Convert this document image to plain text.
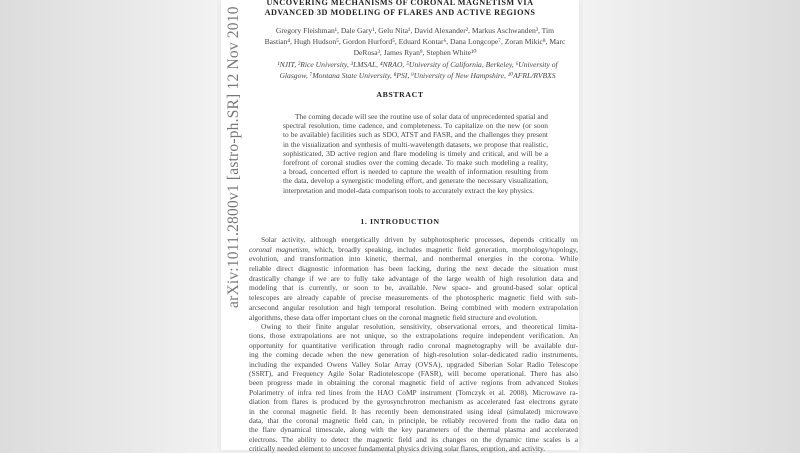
arXiv:1011.2800v1 [astro-ph.SR] 12 Nov 2010
UNCOVERING MECHANISMS OF CORONAL MAGNETISM VIA
ADVANCED 3D MODELING OF FLARES AND ACTIVE REGIONS
Gregory Fleishman¹, Dale Gary¹, Gelu Nita¹, David Alexander², Markus Aschwanden³, Tim
Bastian⁴, Hugh Hudson⁵, Gordon Hurford⁵, Eduard Kontar⁶, Dana Longcope⁷, Zoran Mikic⁸, Marc
DeRosa³, James Ryan⁹, Stephen White¹⁰
¹NJIT, ²Rice University, ³LMSAL, ⁴NRAO, ⁵University of California, Berkeley, ⁶University of
Glasgow, ⁷Montana State University, ⁸PSI, ⁹University of New Hampshire, ¹⁰AFRL/RVBXS
ABSTRACT
The coming decade will see the routine use of solar data of unprecedented spatial and
spectral resolution, time cadence, and completeness. To capitalize on the new (or soon
to be available) facilities such as SDO, ATST and FASR, and the challenges they present
in the visualization and synthesis of multi-wavelength datasets, we propose that realistic,
sophisticated, 3D active region and flare modeling is timely and critical, and will be a
forefront of coronal studies over the coming decade. To make such modeling a reality,
a broad, concerted effort is needed to capture the wealth of information resulting from
the data, develop a synergistic modeling effort, and generate the necessary visualization,
interpretation and model-data comparison tools to accurately extract the key physics.
1. INTRODUCTION
Solar activity, although energetically driven by subphotospheric processes, depends critically on
coronal magnetism, which, broadly speaking, includes magnetic field generation, morphology/topology,
evolution, and transformation into kinetic, thermal, and nonthermal energies in the corona. While
reliable direct diagnostic information has been lacking, during the next decade the situation must
drastically change if we are to fully take advantage of the large wealth of high resolution data and
modeling that is currently, or soon to be, available. New space- and ground-based solar optical
telescopes are already capable of precise measurements of the photospheric magnetic field with sub-
arcsecond angular resolution and high temporal resolution. Being combined with modern extrapolation
algorithms, these data offer important clues on the coronal magnetic field structure and evolution.
Owing to their finite angular resolution, sensitivity, observational errors, and theoretical limita-
tions, those extrapolations are not unique, so the extrapolations require independent verification. An
opportunity for quantitative verification through radio coronal magnetography will be available dur-
ing the coming decade when the new generation of high-resolution solar-dedicated radio instruments,
including the expanded Owens Valley Solar Array (OVSA), upgraded Siberian Solar Radio Telescope
(SSRT), and Frequency Agile Solar Radiotelescope (FASR), will become operational. There has also
been progress made in obtaining the coronal magnetic field of active regions from advanced Stokes
Polarimetry of infra red lines from the HAO CoMP instrument (Tomczyk et al. 2008). Microwave ra-
diation from flares is produced by the gyrosynchrotron mechanism as accelerated fast electrons gyrate
in the coronal magnetic field. It has recently been demonstrated using ideal (simulated) microwave
data, that the coronal magnetic field can, in principle, be reliably recovered from the radio data on
the flare dynamical timescale, along with the key parameters of the thermal plasma and accelerated
electrons. The ability to detect the magnetic field and its changes on the dynamic time scales is a
critically needed element to uncover fundamental physics driving solar flares, eruption, and activity.
